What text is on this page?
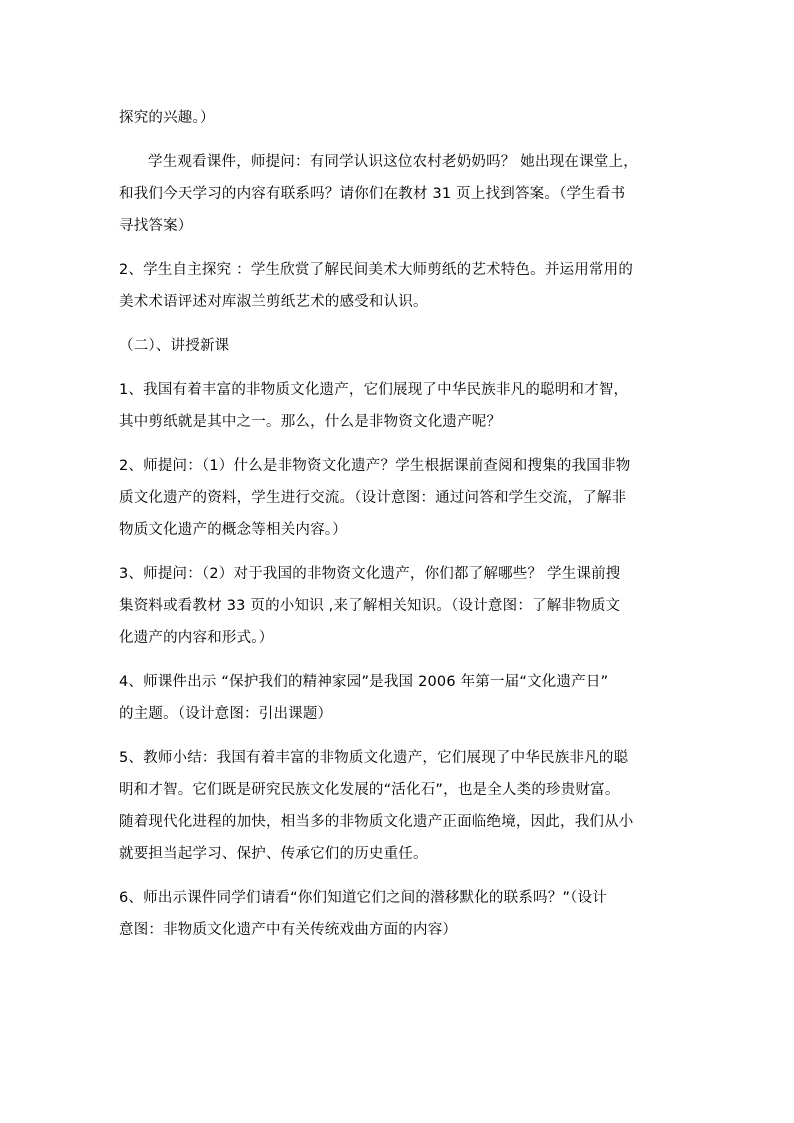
探究的兴趣。）

学生观看课件，师提问：有同学认识这位农村老奶奶吗？ 她出现在课堂上，
和我们今天学习的内容有联系吗？请你们在教材 31 页上找到答案。（学生看书
寻找答案）

2、学生自主探究 ：学生欣赏了解民间美术大师剪纸的艺术特色。并运用常用的
美术术语评述对库淑兰剪纸艺术的感受和认识。

（二）、讲授新课

1、我国有着丰富的非物质文化遗产，它们展现了中华民族非凡的聪明和才智，
其中剪纸就是其中之一。那么，什么是非物资文化遗产呢？

2、师提问：（1）什么是非物资文化遗产？学生根据课前查阅和搜集的我国非物
质文化遗产的资料，学生进行交流。（设计意图：通过问答和学生交流，了解非
物质文化遗产的概念等相关内容。）

3、师提问：（2）对于我国的非物资文化遗产，你们都了解哪些？ 学生课前搜
集资料或看教材 33 页的小知识 ,来了解相关知识。（设计意图：了解非物质文
化遗产的内容和形式。）

4、师课件出示 “保护我们的精神家园”是我国 2006 年第一届“文化遗产日”
的主题。（设计意图：引出课题）

5、教师小结：我国有着丰富的非物质文化遗产，它们展现了中华民族非凡的聪
明和才智。它们既是研究民族文化发展的“活化石”，也是全人类的珍贵财富。
随着现代化进程的加快，相当多的非物质文化遗产正面临绝境，因此，我们从小
就要担当起学习、保护、传承它们的历史重任。

6、师出示课件同学们请看“你们知道它们之间的潜移默化的联系吗？”（设计
意图：非物质文化遗产中有关传统戏曲方面的内容）
